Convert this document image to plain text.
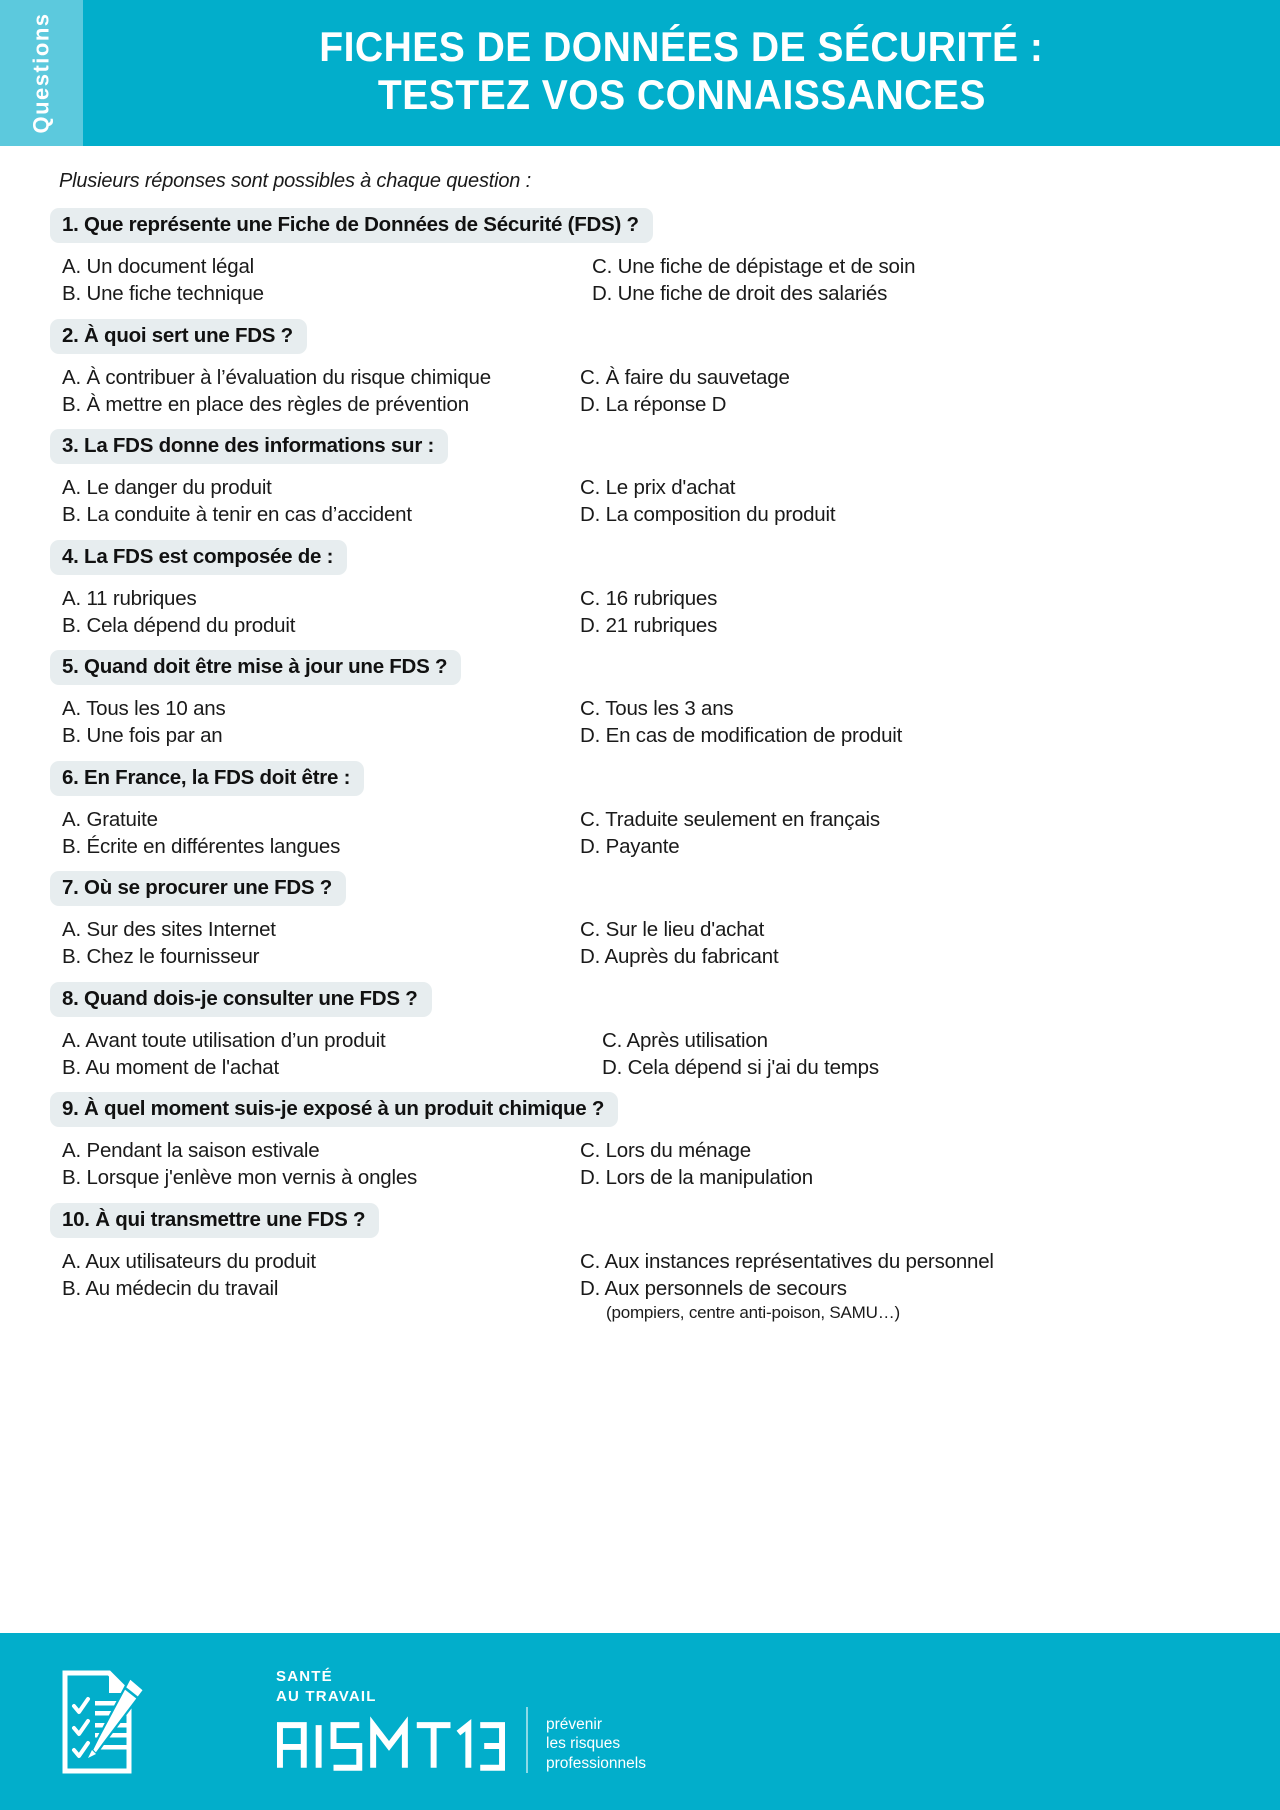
Questions	FICHES DE DONNÉES DE SÉCURITÉ :
TESTEZ VOS CONNAISSANCES
Plusieurs réponses sont possibles à chaque question :
1. Que représente une Fiche de Données de Sécurité (FDS) ?
A. Un document légal
B. Une fiche technique
C. Une fiche de dépistage et de soin
D. Une fiche de droit des salariés
2. À quoi sert une FDS ?
A. À contribuer à l’évaluation du risque chimique
B. À mettre en place des règles de prévention
C. À faire du sauvetage
D. La réponse D
3. La FDS donne des informations sur :
A. Le danger du produit
B. La conduite à tenir en cas d’accident
C. Le prix d'achat
D. La composition du produit
4. La FDS est composée de :
A. 11 rubriques
B. Cela dépend du produit
C. 16 rubriques
D. 21 rubriques
5. Quand doit être mise à jour une FDS ?
A. Tous les 10 ans
B. Une fois par an
C. Tous les 3 ans
D. En cas de modification de produit
6. En France, la FDS doit être :
A. Gratuite
B. Écrite en différentes langues
C. Traduite seulement en français
D. Payante
7. Où se procurer une FDS ?
A. Sur des sites Internet
B. Chez le fournisseur
C. Sur le lieu d'achat
D. Auprès du fabricant
8. Quand dois-je consulter une FDS ?
A. Avant toute utilisation d’un produit
B. Au moment de l'achat
C. Après utilisation
D. Cela dépend si j'ai du temps
9. À quel moment suis-je exposé à un produit chimique ?
A. Pendant la saison estivale
B. Lorsque j'enlève mon vernis à ongles
C. Lors du ménage
D. Lors de la manipulation
10. À qui transmettre une FDS ?
A. Aux utilisateurs du produit
B. Au médecin du travail
C. Aux instances représentatives du personnel
D. Aux personnels de secours
(pompiers, centre anti-poison, SAMU…)
SANTÉ
AU TRAVAIL
prévenir
les risques
professionnels
